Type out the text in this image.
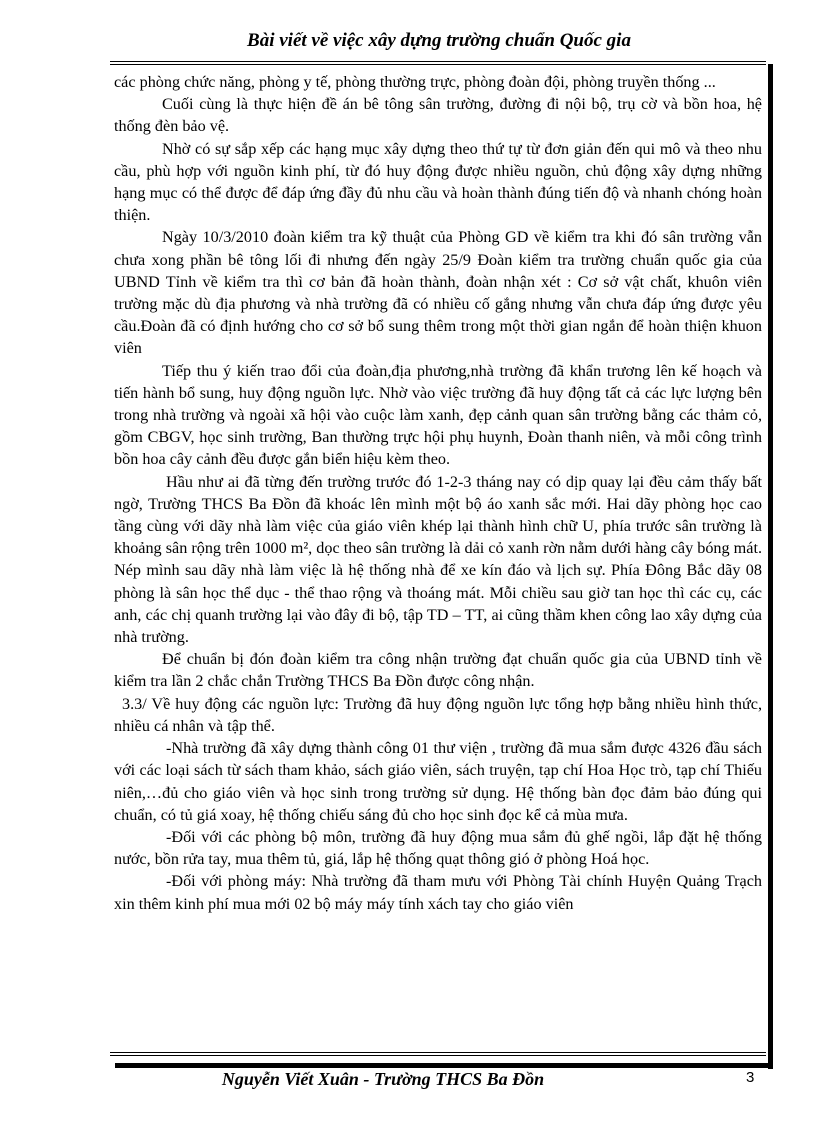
Bài viết về việc xây dựng trường chuẩn Quốc gia

các phòng chức năng, phòng y tế, phòng thường trực, phòng đoàn đội, phòng truyền thống ...

Cuối cùng là thực hiện đề án bê tông sân trường, đường đi nội bộ, trụ cờ và bồn hoa, hệ thống đèn bảo vệ.

Nhờ có sự sắp xếp các hạng mục xây dựng theo thứ tự từ đơn giản đến qui mô và theo nhu cầu, phù hợp với nguồn kinh phí, từ đó huy động được nhiều nguồn, chủ động xây dựng những hạng mục có thể được để đáp ứng đầy đủ nhu cầu và hoàn thành đúng tiến độ và nhanh chóng hoàn thiện.

Ngày 10/3/2010 đoàn kiểm tra kỹ thuật của Phòng GD về kiểm tra khi đó sân trường vẫn chưa xong phần bê tông lối đi nhưng đến ngày 25/9 Đoàn kiểm tra trường chuẩn quốc gia của UBND Tỉnh về kiểm tra thì cơ bản đã hoàn thành, đoàn nhận xét : Cơ sở vật chất, khuôn viên trường mặc dù địa phương và nhà trường đã có nhiều cố gắng nhưng vẫn chưa đáp ứng được yêu cầu.Đoàn đã có định hướng cho cơ sở bổ sung thêm trong một thời gian ngắn để hoàn thiện khuon viên

Tiếp thu ý kiến trao đổi của đoàn,địa phương,nhà trường đã khẩn trương lên kế hoạch và tiến hành bổ sung, huy động nguồn lực. Nhờ vào việc trường đã huy động tất cả các lực lượng bên trong nhà trường và ngoài xã hội vào cuộc làm xanh, đẹp cảnh quan sân trường bằng các thảm cỏ, gồm CBGV, học sinh trường, Ban thường trực hội phụ huynh, Đoàn thanh niên, và mỗi công trình bồn hoa cây cảnh đều được gắn biển hiệu kèm theo.

Hầu như ai đã từng đến trường trước đó 1-2-3 tháng nay có dịp quay lại đều cảm thấy bất ngờ, Trường THCS Ba Đồn đã khoác lên mình một bộ áo xanh sắc mới. Hai dãy phòng học cao tầng cùng với dãy nhà làm việc của giáo viên khép lại thành hình chữ U, phía trước sân trường là khoảng sân rộng trên 1000 m², dọc theo sân trường là dải cỏ xanh rờn nằm dưới hàng cây bóng mát. Nép mình sau dãy nhà làm việc là hệ thống nhà để xe kín đáo và lịch sự. Phía Đông Bắc dãy 08 phòng là sân học thể dục - thể thao rộng và thoáng mát. Mỗi chiều sau giờ tan học thì các cụ, các anh, các chị quanh trường lại vào đây đi bộ, tập TD – TT, ai cũng thầm khen công lao xây dựng của nhà trường.

Để chuẩn bị đón đoàn kiểm tra công nhận trường đạt chuẩn quốc gia của UBND tỉnh về kiểm tra lần 2 chắc chắn Trường THCS Ba Đồn được công nhận.

3.3/ Về huy động các nguồn lực: Trường đã huy động nguồn lực tổng hợp bằng nhiều hình thức, nhiều cá nhân và tập thể.

-Nhà trường đã xây dựng thành công 01 thư viện , trường đã mua sắm được 4326 đầu sách với các loại sách từ sách tham khảo, sách giáo viên, sách truyện, tạp chí Hoa Học trò, tạp chí Thiếu niên,…đủ cho giáo viên và học sinh trong trường sử dụng. Hệ thống bàn đọc đảm bảo đúng qui chuẩn, có tủ giá xoay, hệ thống chiếu sáng đủ cho học sinh đọc kể cả mùa mưa.

-Đối với các phòng bộ môn, trường đã huy động mua sắm đủ ghế ngồi, lắp đặt hệ thống nước, bồn rửa tay, mua thêm tủ, giá, lắp hệ thống quạt thông gió ở phòng Hoá học.

-Đối với phòng máy: Nhà trường đã tham mưu với Phòng Tài chính Huyện Quảng Trạch xin thêm kinh phí mua mới 02 bộ máy máy tính xách tay cho giáo viên

Nguyễn Viết Xuân - Trường THCS Ba Đồn	3
